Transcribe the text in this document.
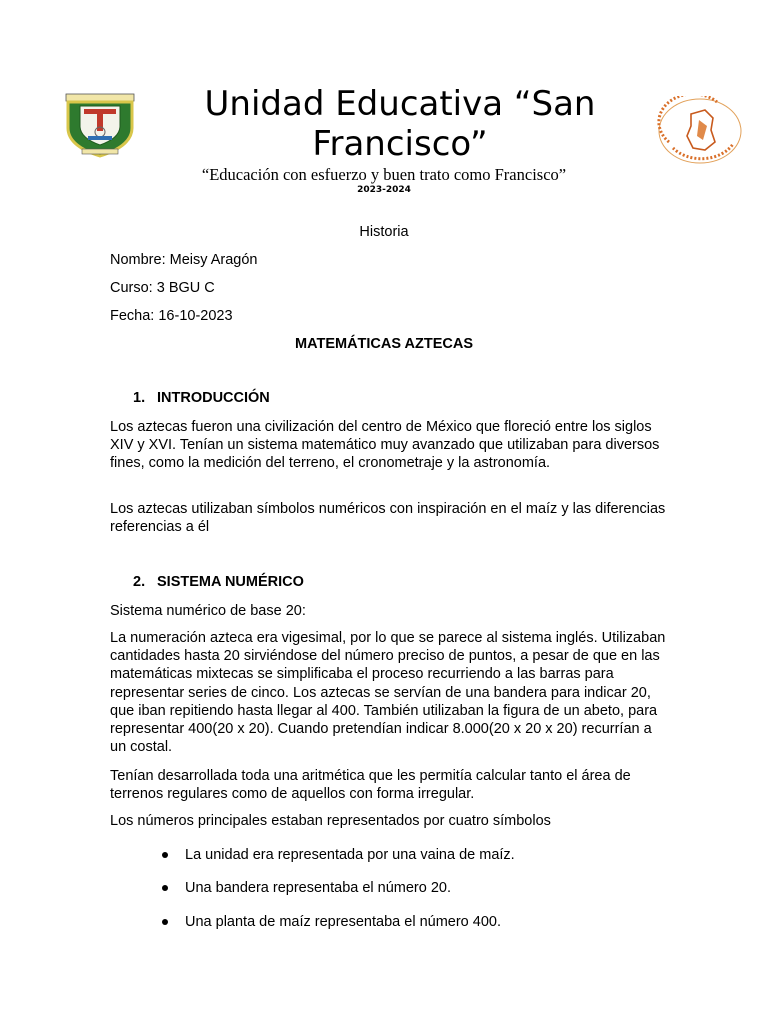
Unidad Educativa “San Francisco”
“Educación con esfuerzo y buen trato como Francisco”
2023-2024
Historia
Nombre: Meisy Aragón
Curso: 3 BGU C
Fecha: 16-10-2023
MATEMÁTICAS AZTECAS
1. INTRODUCCIÓN
Los aztecas fueron una civilización del centro de México que floreció entre los siglos XIV y XVI. Tenían un sistema matemático muy avanzado que utilizaban para diversos fines, como la medición del terreno, el cronometraje y la astronomía.
Los aztecas utilizaban símbolos numéricos con inspiración en el maíz y las diferencias referencias a él
2. SISTEMA NUMÉRICO
Sistema numérico de base 20:
La numeración azteca era vigesimal, por lo que se parece al sistema inglés. Utilizaban cantidades hasta 20 sirviéndose del número preciso de puntos, a pesar de que en las matemáticas mixtecas se simplificaba el proceso recurriendo a las barras para representar series de cinco. Los aztecas se servían de una bandera para indicar 20, que iban repitiendo hasta llegar al 400. También utilizaban la figura de un abeto, para representar 400(20 x 20). Cuando pretendían indicar 8.000(20 x 20 x 20) recurrían a un costal.
Tenían desarrollada toda una aritmética que les permitía calcular tanto el área de terrenos regulares como de aquellos con forma irregular.
Los números principales estaban representados por cuatro símbolos
La unidad era representada por una vaina de maíz.
Una bandera representaba el número 20.
Una planta de maíz representaba el número 400.
